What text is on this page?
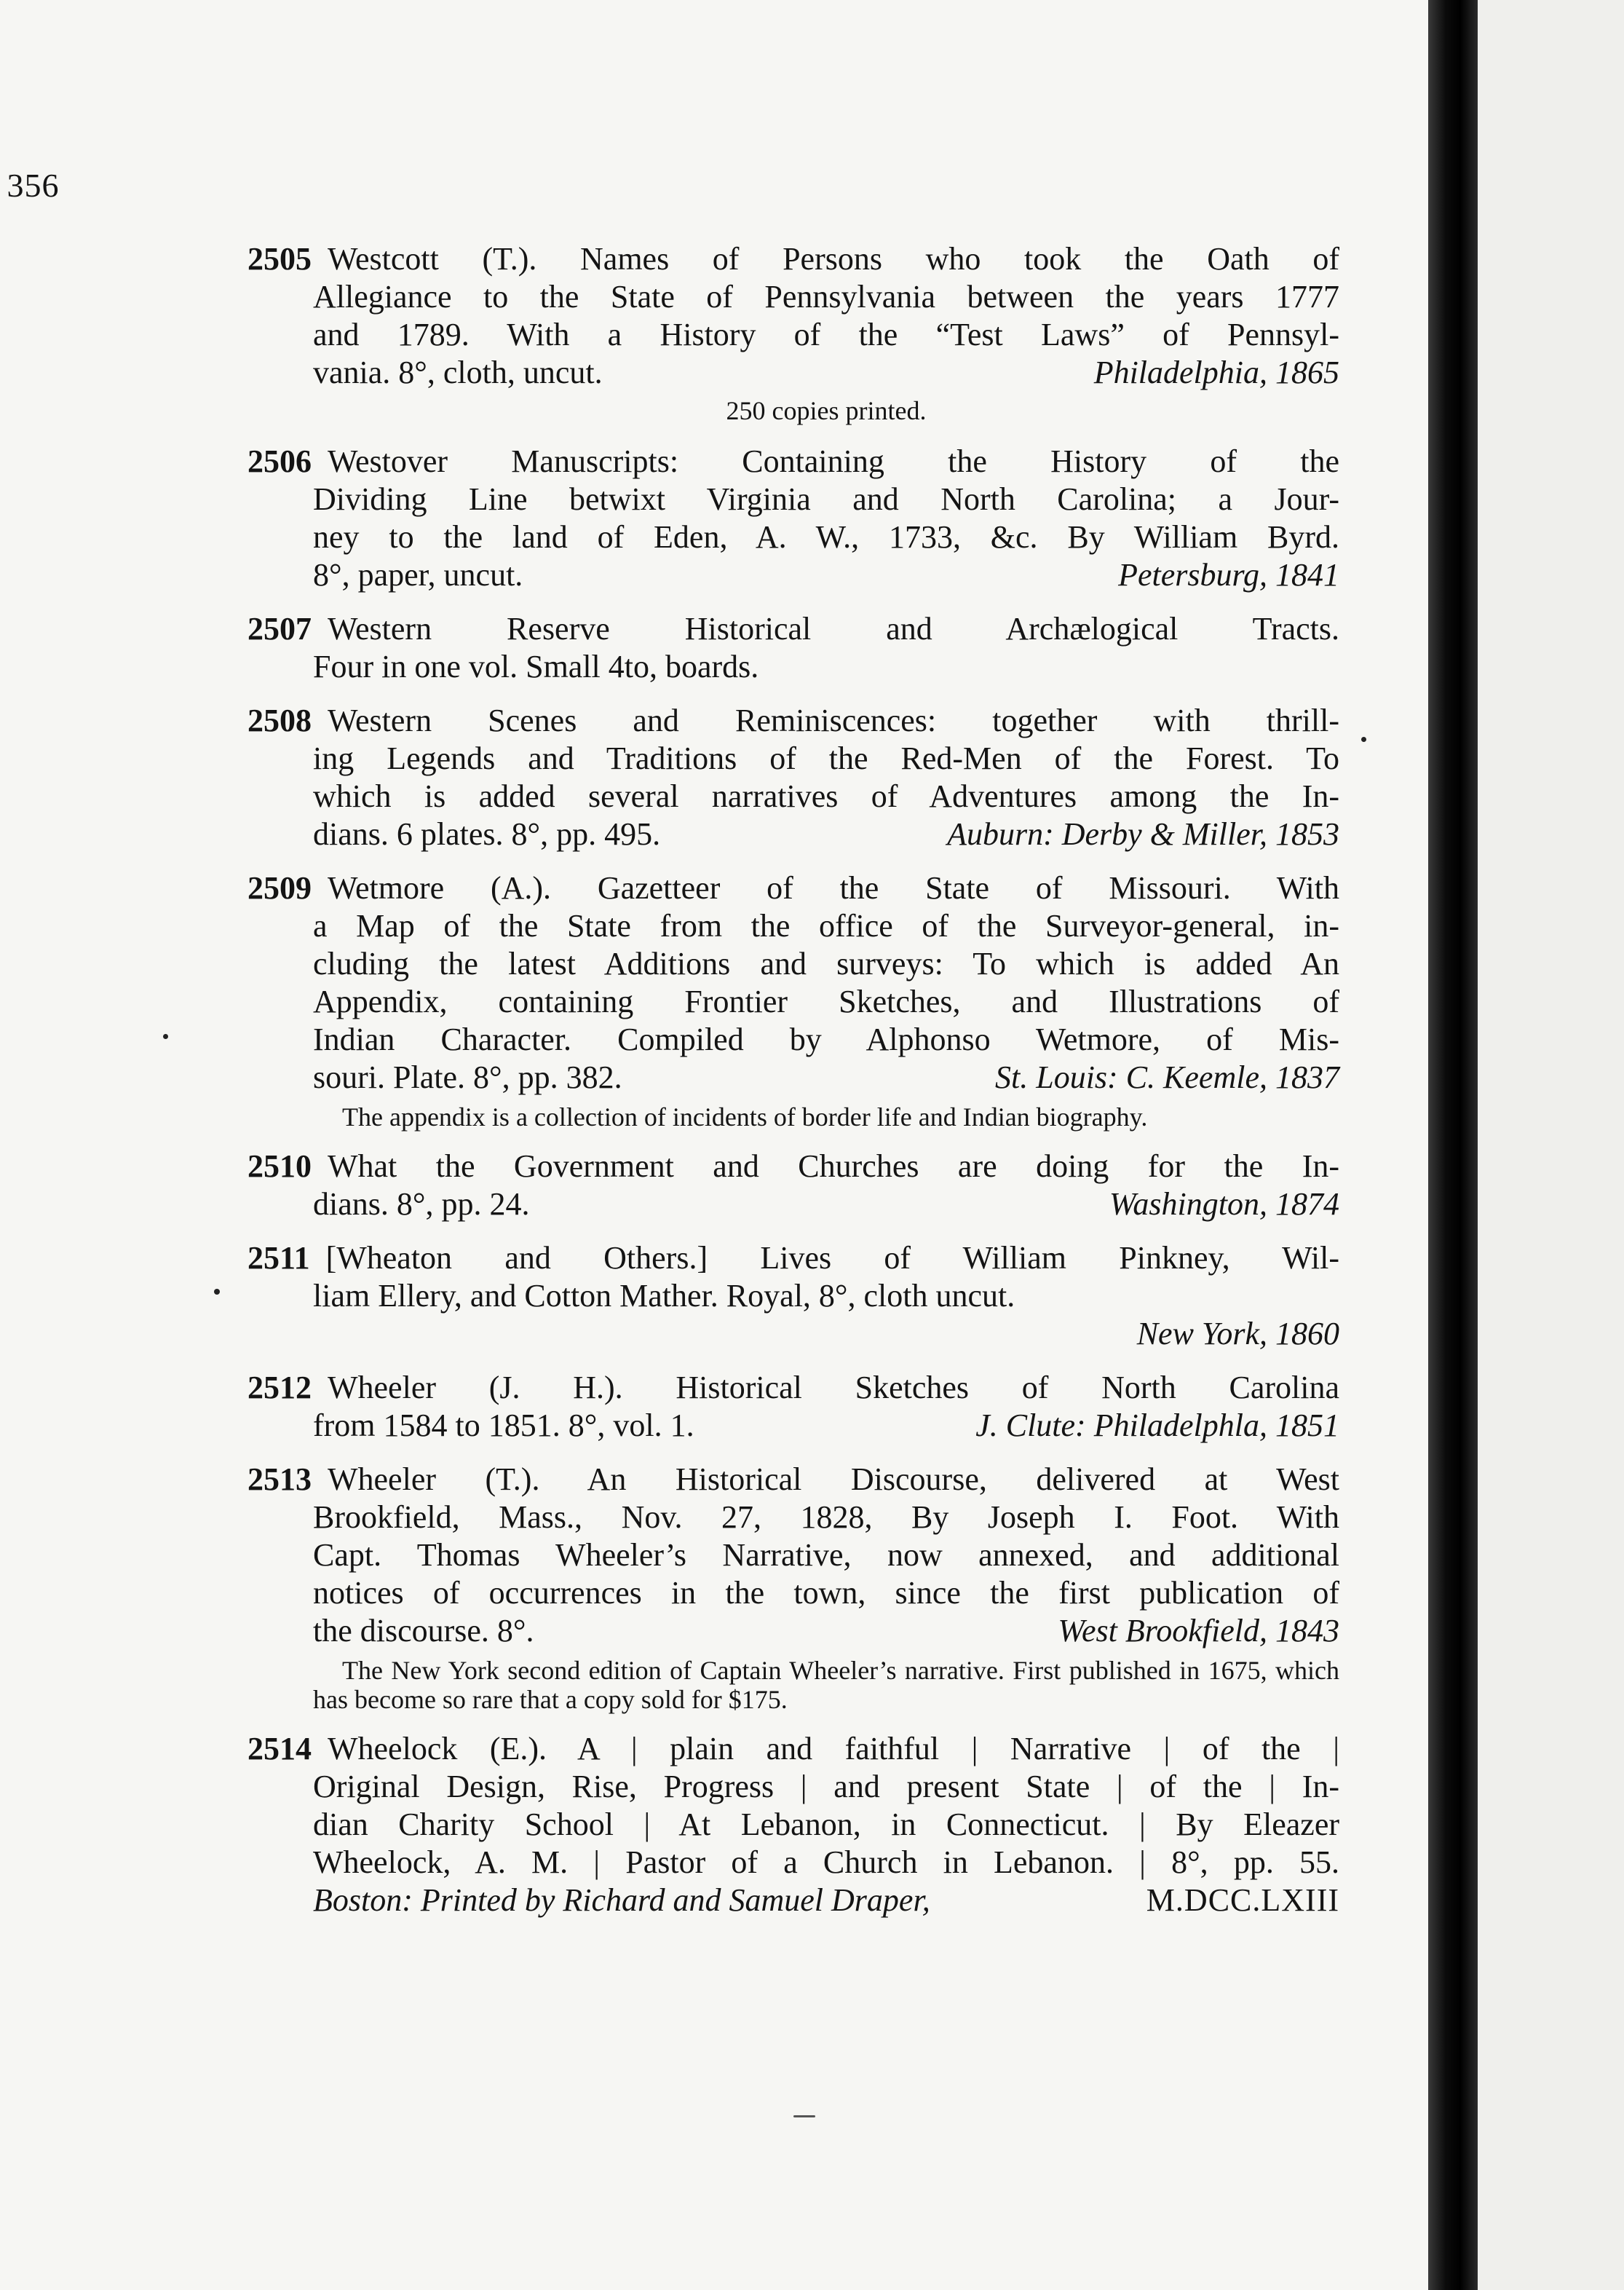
356
2505 Westcott (T.). Names of Persons who took the Oath of
Allegiance to the State of Pennsylvania between the years 1777
and 1789. With a History of the “Test Laws” of Pennsyl-
vania. 8°, cloth, uncut.	Philadelphia, 1865
250 copies printed.
2506 Westover Manuscripts: Containing the History of the
Dividing Line betwixt Virginia and North Carolina; a Jour-
ney to the land of Eden, A. W., 1733, &c. By William Byrd.
8°, paper, uncut.	Petersburg, 1841
2507 Western Reserve Historical and Archælogical Tracts.
Four in one vol. Small 4to, boards.
2508 Western Scenes and Reminiscences: together with thrill-
ing Legends and Traditions of the Red-Men of the Forest. To
which is added several narratives of Adventures among the In-
dians. 6 plates. 8°, pp. 495.	Auburn: Derby & Miller, 1853
2509 Wetmore (A.). Gazetteer of the State of Missouri. With
a Map of the State from the office of the Surveyor-general, in-
cluding the latest Additions and surveys: To which is added An
Appendix, containing Frontier Sketches, and Illustrations of
Indian Character. Compiled by Alphonso Wetmore, of Mis-
souri. Plate. 8°, pp. 382.	St. Louis: C. Keemle, 1837
The appendix is a collection of incidents of border life and Indian biography.
2510 What the Government and Churches are doing for the In-
dians. 8°, pp. 24.	Washington, 1874
2511 [Wheaton and Others.] Lives of William Pinkney, Wil-
liam Ellery, and Cotton Mather. Royal, 8°, cloth uncut.
New York, 1860
2512 Wheeler (J. H.). Historical Sketches of North Carolina
from 1584 to 1851. 8°, vol. 1.	J. Clute: Philadelphla, 1851
2513 Wheeler (T.). An Historical Discourse, delivered at West
Brookfield, Mass., Nov. 27, 1828, By Joseph I. Foot. With
Capt. Thomas Wheeler’s Narrative, now annexed, and additional
notices of occurrences in the town, since the first publication of
the discourse. 8°.	West Brookfield, 1843
The New York second edition of Captain Wheeler’s narrative. First published in 1675, which has become so rare that a copy sold for $175.
2514 Wheelock (E.). A | plain and faithful | Narrative | of the |
Original Design, Rise, Progress | and present State | of the | In-
dian Charity School | At Lebanon, in Connecticut. | By Eleazer
Wheelock, A. M. | Pastor of a Church in Lebanon. | 8°, pp. 55.
Boston: Printed by Richard and Samuel Draper,	M.DCC.LXIII
